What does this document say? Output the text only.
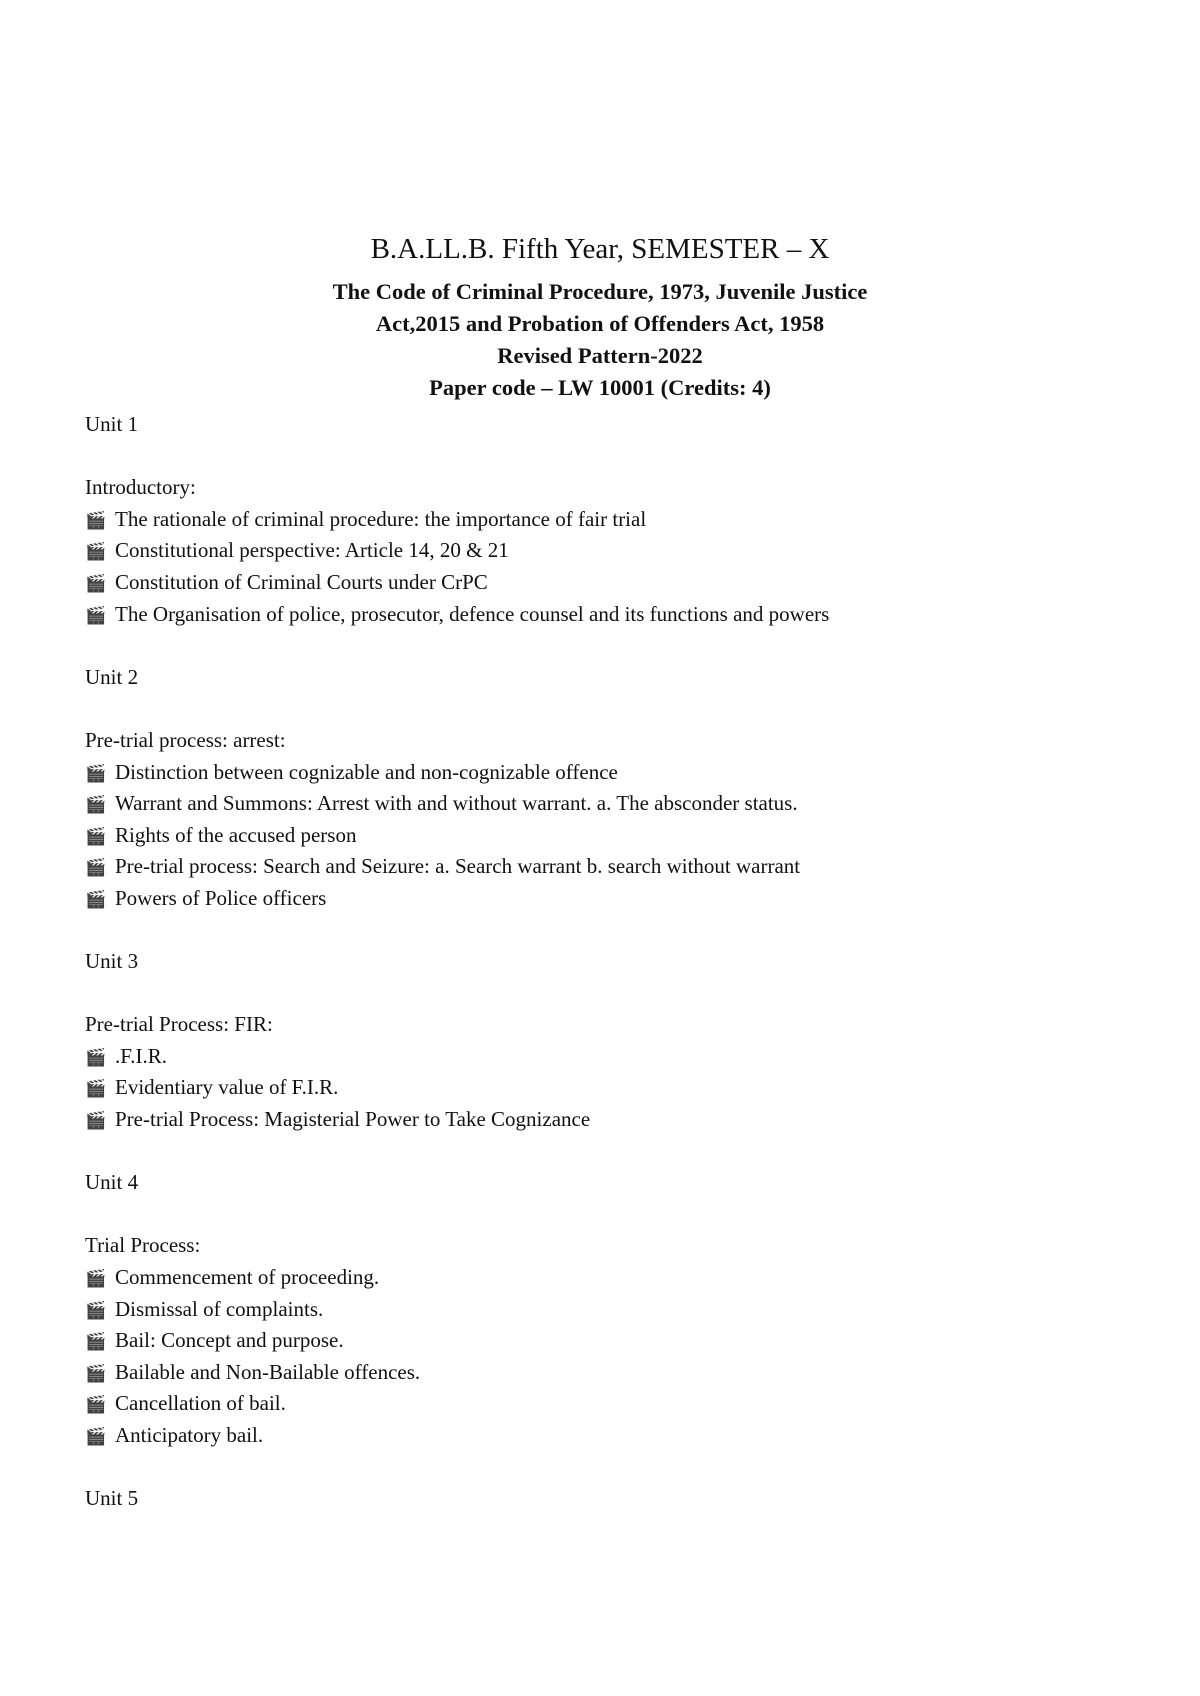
B.A.LL.B. Fifth Year, SEMESTER – X
The Code of Criminal Procedure, 1973, Juvenile Justice
Act,2015 and Probation of Offenders Act, 1958
Revised Pattern-2022
Paper code – LW 10001 (Credits: 4)
Unit 1
Introductory:
🎬 The rationale of criminal procedure: the importance of fair trial
🎬 Constitutional perspective: Article 14, 20 & 21
🎬 Constitution of Criminal Courts under CrPC
🎬 The Organisation of police, prosecutor, defence counsel and its functions and powers
Unit 2
Pre-trial process: arrest:
🎬 Distinction between cognizable and non-cognizable offence
🎬 Warrant and Summons: Arrest with and without warrant. a. The absconder status.
🎬 Rights of the accused person
🎬 Pre-trial process: Search and Seizure: a. Search warrant b. search without warrant
🎬 Powers of Police officers
Unit 3
Pre-trial Process: FIR:
🎬 .F.I.R.
🎬 Evidentiary value of F.I.R.
🎬 Pre-trial Process: Magisterial Power to Take Cognizance
Unit 4
Trial Process:
🎬 Commencement of proceeding.
🎬 Dismissal of complaints.
🎬 Bail: Concept and purpose.
🎬 Bailable and Non-Bailable offences.
🎬 Cancellation of bail.
🎬 Anticipatory bail.
Unit 5
